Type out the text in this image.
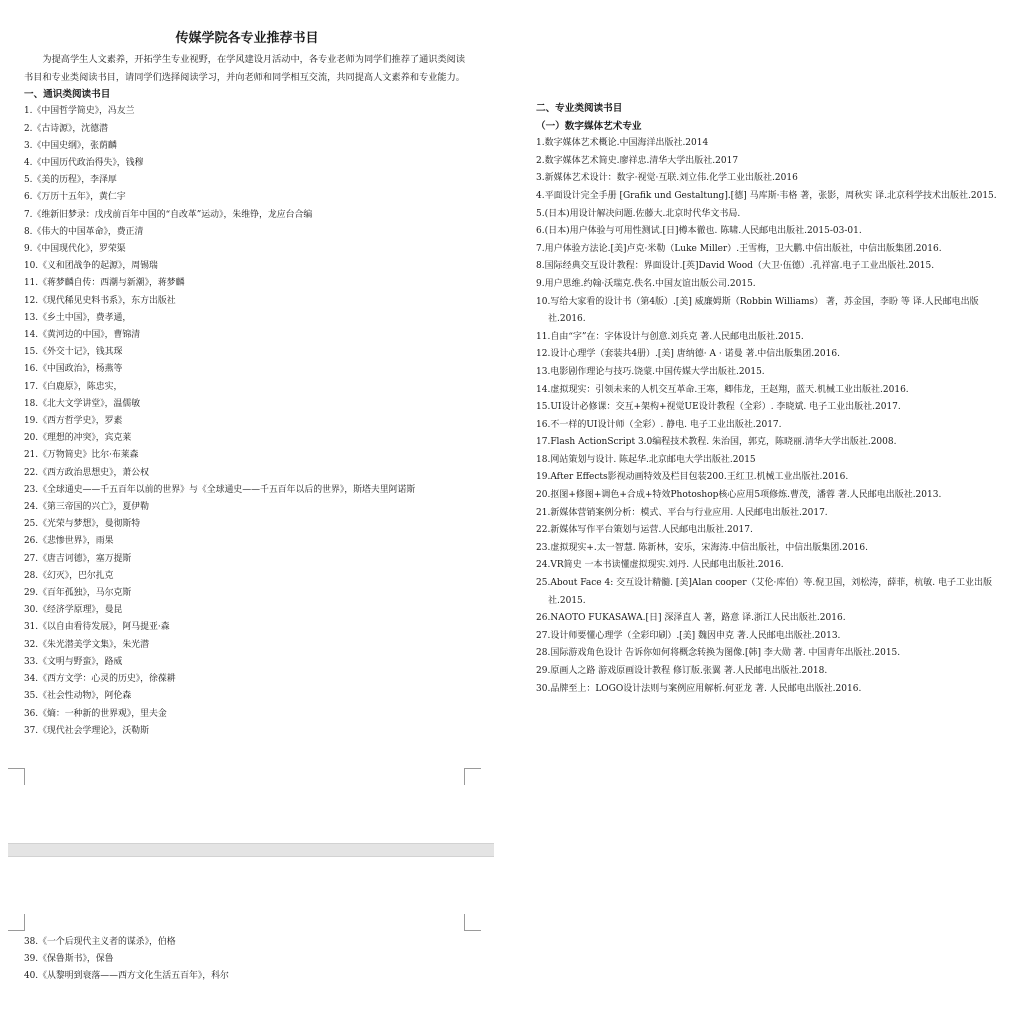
传媒学院各专业推荐书目
为提高学生人文素养，开拓学生专业视野，在学风建设月活动中，各专业老师为同学们推荐了通识类阅读书目和专业类阅读书目，请同学们选择阅读学习，并向老师和同学相互交流，共同提高人文素养和专业能力。
一、通识类阅读书目
1.《中国哲学简史》，冯友兰
2.《古诗源》，沈德潜
3.《中国史纲》，张荫麟
4.《中国历代政治得失》，钱穆
5.《美的历程》，李泽厚
6.《万历十五年》，黄仁宇
7.《维新旧梦录：戊戌前百年中国的“自改革”运动》，朱维铮，龙应台合编
8.《伟大的中国革命》，费正清
9.《中国现代化》，罗荣渠
10.《义和团战争的起源》，周锡瑞
11.《蒋梦麟自传：西潮与新潮》，蒋梦麟
12.《现代稀见史料书系》，东方出版社
13.《乡土中国》，费孝通，
14.《黄河边的中国》，曹锦清
15.《外交十记》，钱其琛
16.《中国政治》，杨燕等
17.《白鹿原》，陈忠实，
18.《北大文学讲堂》，温儒敏
19.《西方哲学史》，罗素
20.《理想的冲突》，宾克莱
21.《万物简史》比尔·布莱森
22.《西方政治思想史》，萧公权
23.《全球通史——千五百年以前的世界》与《全球通史——千五百年以后的世界》，斯塔夫里阿诺斯
24.《第三帝国的兴亡》，夏伊勒
25.《光荣与梦想》，曼彻斯特
26.《悲惨世界》，雨果
27.《唐吉诃德》，塞万提斯
28.《幻灭》，巴尔扎克
29.《百年孤独》，马尔克斯
30.《经济学原理》，曼昆
31.《以自由看待发展》，阿马提亚·森
32.《朱光潜美学文集》，朱光潜
33.《文明与野蛮》，路威
34.《西方文学：心灵的历史》，徐葆耕
35.《社会性动物》，阿伦森
36.《熵：一种新的世界观》，里夫金
37.《现代社会学理论》，沃勒斯
38.《一个后现代主义者的谋杀》，伯格
39.《保鲁斯书》，保鲁
40.《从黎明到衰落——西方文化生活五百年》，科尔
二、专业类阅读书目
（一）数字媒体艺术专业
1.数字媒体艺术概论.中国海洋出版社.2014
2.数字媒体艺术简史.廖祥忠.清华大学出版社.2017
3.新媒体艺术设计：数字·视觉·互联.刘立伟.化学工业出版社.2016
4.平面设计完全手册 [Grafik und Gestaltung].[德] 马库斯·韦格 著，张影，周秋实 译.北京科学技术出版社.2015.
5.(日本)用设计解决问题.佐藤大.北京时代华文书局.
6.(日本)用户体验与可用性测试.[日]樽本徹也. 陈啸.人民邮电出版社.2015-03-01.
7.用户体验方法论.[美]卢克·米勒（Luke Miller）.王雪梅，卫大鹏.中信出版社，中信出版集团.2016.
8.国际经典交互设计教程：界面设计.[英]David Wood（大卫·伍德）.孔祥富.电子工业出版社.2015.
9.用户思维.约翰·沃瑞克.佚名.中国友谊出版公司.2015.
10.写给大家看的设计书（第4版）.[美] 威廉姆斯（Robbin Williams） 著，苏金国，李盼 等 译.人民邮电出版社.2016.
11.自由“字”在：字体设计与创意.刘兵克 著.人民邮电出版社.2015.
12.设计心理学（套装共4册）.[美] 唐纳德· A · 诺曼 著.中信出版集团.2016.
13.电影剧作理论与技巧.饶蒙.中国传媒大学出版社.2015.
14.虚拟现实：引领未来的人机交互革命.王寒，卿伟龙，王赵翔，蓝天.机械工业出版社.2016.
15.UI设计必修课：交互+架构+视觉UE设计教程（全彩）. 李晓斌. 电子工业出版社.2017.
16.不一样的UI设计师（全彩）. 静电. 电子工业出版社.2017.
17.Flash ActionScript 3.0编程技术教程. 朱治国，郭克，陈晓丽.清华大学出版社.2008.
18.网站策划与设计. 陈起华.北京邮电大学出版社.2015
19.After Effects影视动画特效及栏目包装200.王红卫.机械工业出版社.2016.
20.抠图+修图+调色+合成+特效Photoshop核心应用5项修炼.曹茂，潘蓉 著.人民邮电出版社.2013.
21.新媒体营销案例分析：模式、平台与行业应用. 人民邮电出版社.2017.
22.新媒体写作平台策划与运营.人民邮电出版社.2017.
23.虚拟现实+.太一智慧. 陈新林，安乐，宋海涛.中信出版社，中信出版集团.2016.
24.VR简史 一本书读懂虚拟现实.刘丹. 人民邮电出版社.2016.
25.About Face 4: 交互设计精髓. [美]Alan cooper（艾伦·库伯）等.倪卫国，刘松涛，薛菲，杭敏. 电子工业出版社.2015.
26.NAOTO FUKASAWA.[日] 深泽直人 著，路意 译.浙江人民出版社.2016.
27.设计师要懂心理学（全彩印刷）.[美] 魏因申克 著.人民邮电出版社.2013.
28.国际游戏角色设计 告诉你如何将概念转换为图像.[韩] 李大勋 著. 中国青年出版社.2015.
29.原画人之路 游戏原画设计教程 修订版.张翼 著.人民邮电出版社.2018.
30.品牌至上：LOGO设计法则与案例应用解析.何亚龙 著. 人民邮电出版社.2016.
